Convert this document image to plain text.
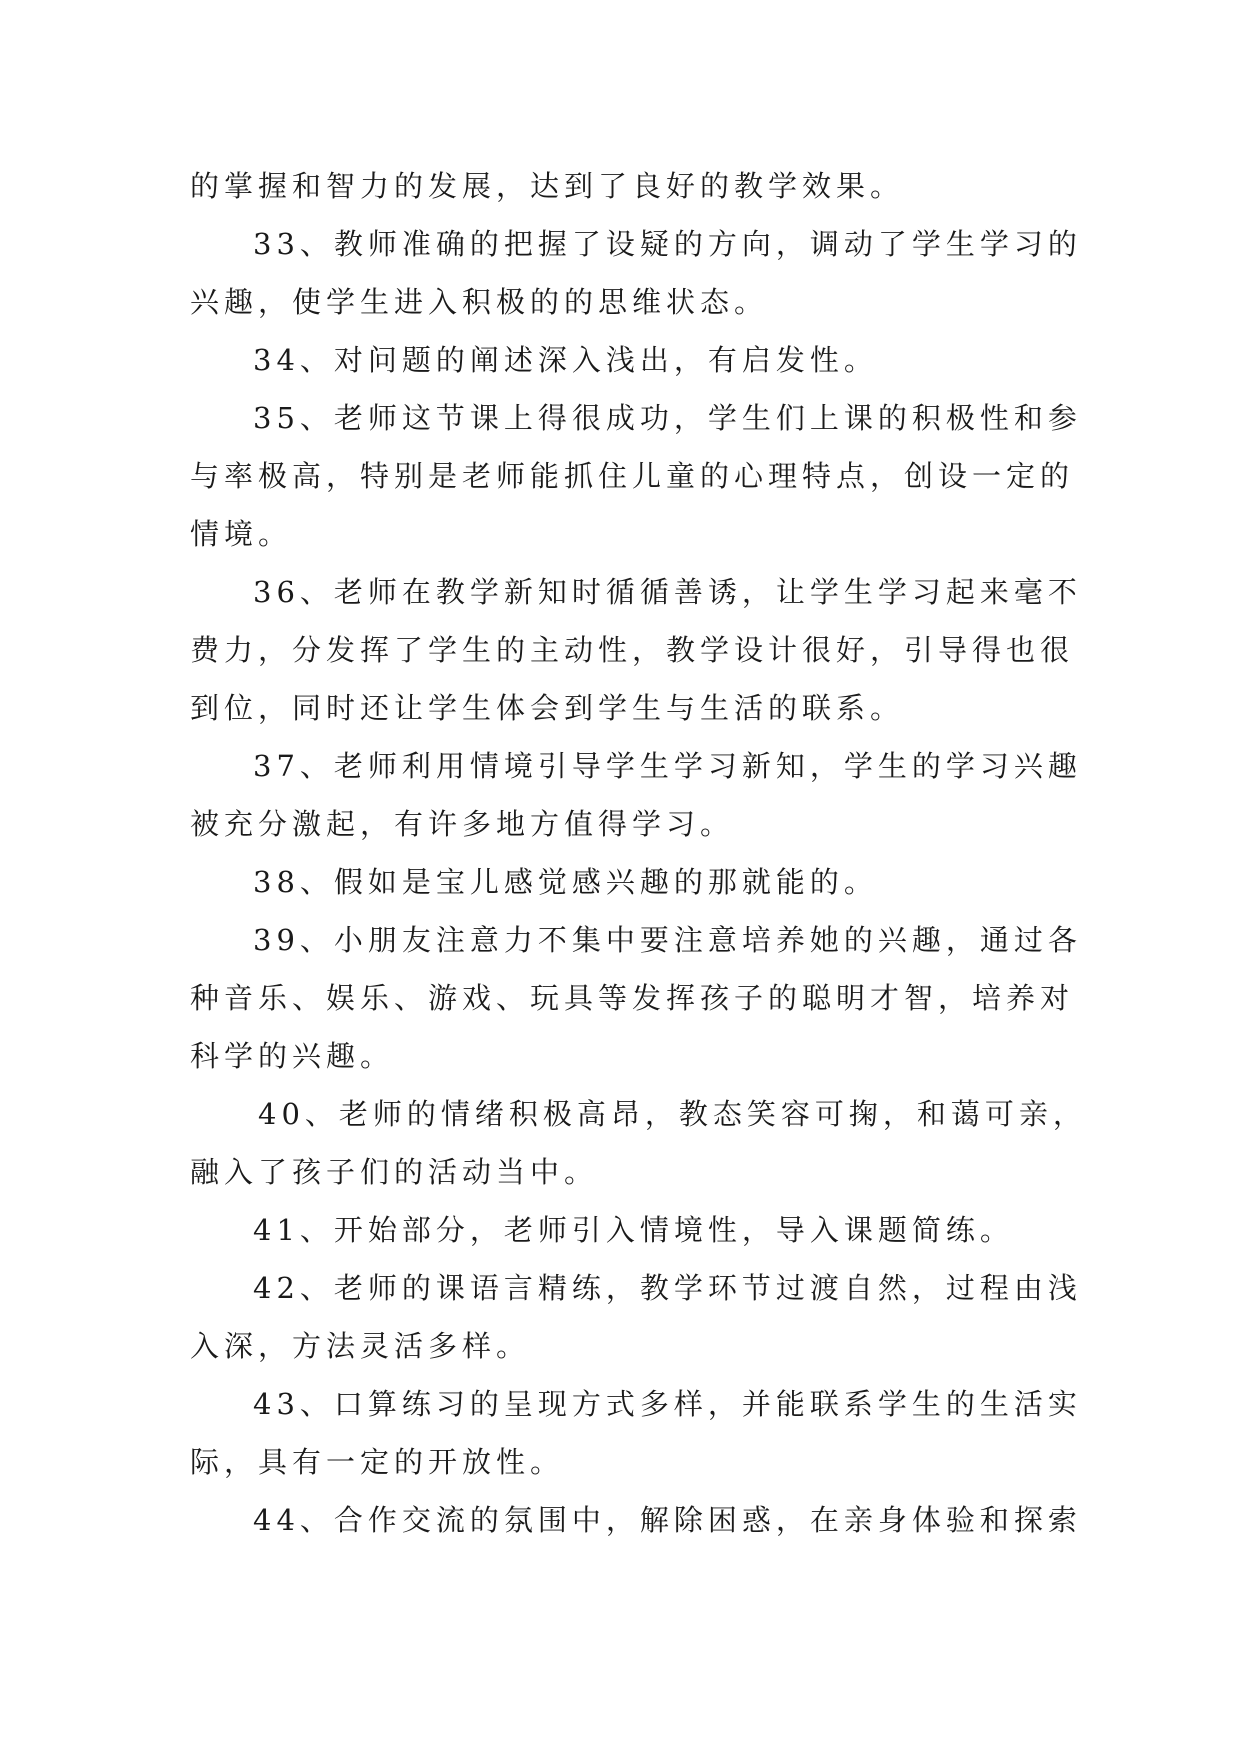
的掌握和智力的发展，达到了良好的教学效果。
33、教师准确的把握了设疑的方向，调动了学生学习的
兴趣，使学生进入积极的的思维状态。
34、对问题的阐述深入浅出，有启发性。
35、老师这节课上得很成功，学生们上课的积极性和参
与率极高，特别是老师能抓住儿童的心理特点，创设一定的
情境。
36、老师在教学新知时循循善诱，让学生学习起来毫不
费力，分发挥了学生的主动性，教学设计很好，引导得也很
到位，同时还让学生体会到学生与生活的联系。
37、老师利用情境引导学生学习新知，学生的学习兴趣
被充分激起，有许多地方值得学习。
38、假如是宝儿感觉感兴趣的那就能的。
39、小朋友注意力不集中要注意培养她的兴趣，通过各
种音乐、娱乐、游戏、玩具等发挥孩子的聪明才智，培养对
科学的兴趣。
40、老师的情绪积极高昂，教态笑容可掬，和蔼可亲，
融入了孩子们的活动当中。
41、开始部分，老师引入情境性，导入课题简练。
42、老师的课语言精练，教学环节过渡自然，过程由浅
入深，方法灵活多样。
43、口算练习的呈现方式多样，并能联系学生的生活实
际，具有一定的开放性。
44、合作交流的氛围中，解除困惑，在亲身体验和探索
